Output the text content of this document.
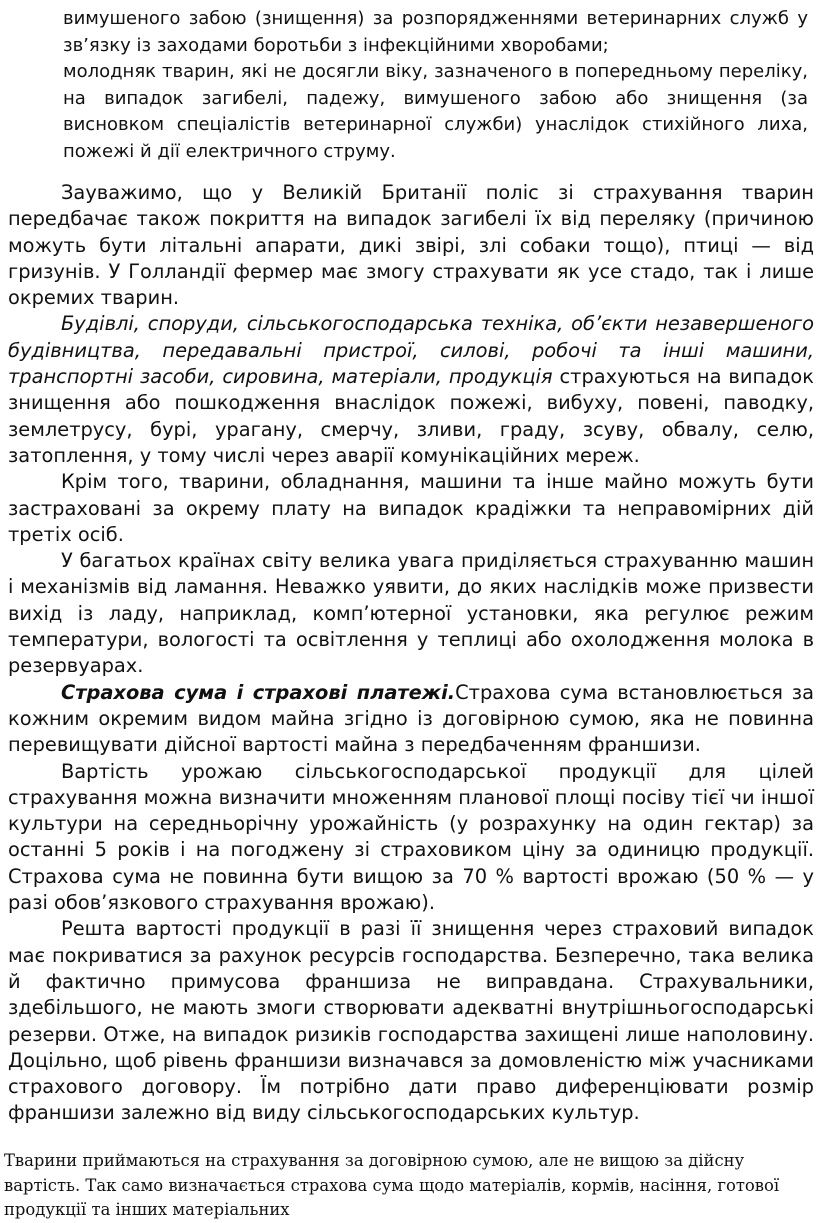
вимушеного забою (знищення) за розпорядженнями ветеринарних служб у зв’язку із заходами боротьби з інфекційними хворобами;

молодняк тварин, які не досягли віку, зазначеного в попередньому переліку, на випадок загибелі, падежу, вимушеного забою або знищення (за висновком спеціалістів ветеринарної служби) унаслідок стихійного лиха, пожежі й дії електричного струму.

Зауважимо, що у Великій Британії поліс зі страхування тварин передбачає також покриття на випадок загибелі їх від переляку (причиною можуть бути літальні апарати, дикі звірі, злі собаки тощо), птиці — від гризунів. У Голландії фермер має змогу страхувати як усе стадо, так і лише окремих тварин.

Будівлі, споруди, сільськогосподарська техніка, об’єкти незавершеного будівництва, передавальні пристрої, силові, робочі та інші машини, транспортні засоби, сировина, матеріали, продукція страхуються на випадок знищення або пошкодження внаслідок пожежі, вибуху, повені, паводку, землетрусу, бурі, урагану, смерчу, зливи, граду, зсуву, обвалу, селю, затоплення, у тому числі через аварії комунікаційних мереж.

Крім того, тварини, обладнання, машини та інше майно можуть бути застраховані за окрему плату на випадок крадіжки та неправомірних дій третіх осіб.

У багатьох країнах світу велика увага приділяється страхуванню машин і механізмів від ламання. Неважко уявити, до яких наслідків може призвести вихід із ладу, наприклад, комп’ютерної установки, яка регулює режим температури, вологості та освітлення у теплиці або охолодження молока в резервуарах.

Страхова сума і страхові платежі.Страхова сума встановлюється за кожним окремим видом майна згідно із договірною сумою, яка не повинна перевищувати дійсної вартості майна з передбаченням франшизи.

Вартість урожаю сільськогосподарської продукції для цілей страхування можна визначити множенням планової площі посіву тієї чи іншої культури на середньорічну урожайність (у розрахунку на один гектар) за останні 5 років і на погоджену зі страховиком ціну за одиницю продукції. Страхова сума не повинна бути вищою за 70 % вартості врожаю (50 % — у разі обов’язкового страхування врожаю).

Решта вартості продукції в разі її знищення через страховий випадок має покриватися за рахунок ресурсів господарства. Безперечно, така велика й фактично примусова франшиза не виправдана. Страхувальники, здебільшого, не мають змоги створювати адекватні внутрішньогосподарські резерви. Отже, на випадок ризиків господарства захищені лише наполовину. Доцільно, щоб рівень франшизи визначався за домовленістю між учасниками страхового договору. Їм потрібно дати право диференціювати розмір франшизи залежно від виду сільськогосподарських культур.

Тварини приймаються на страхування за договірною сумою, але не вищою за дійсну вартість. Так само визначається страхова сума щодо матеріалів, кормів, насіння, готової продукції та інших матеріальних
